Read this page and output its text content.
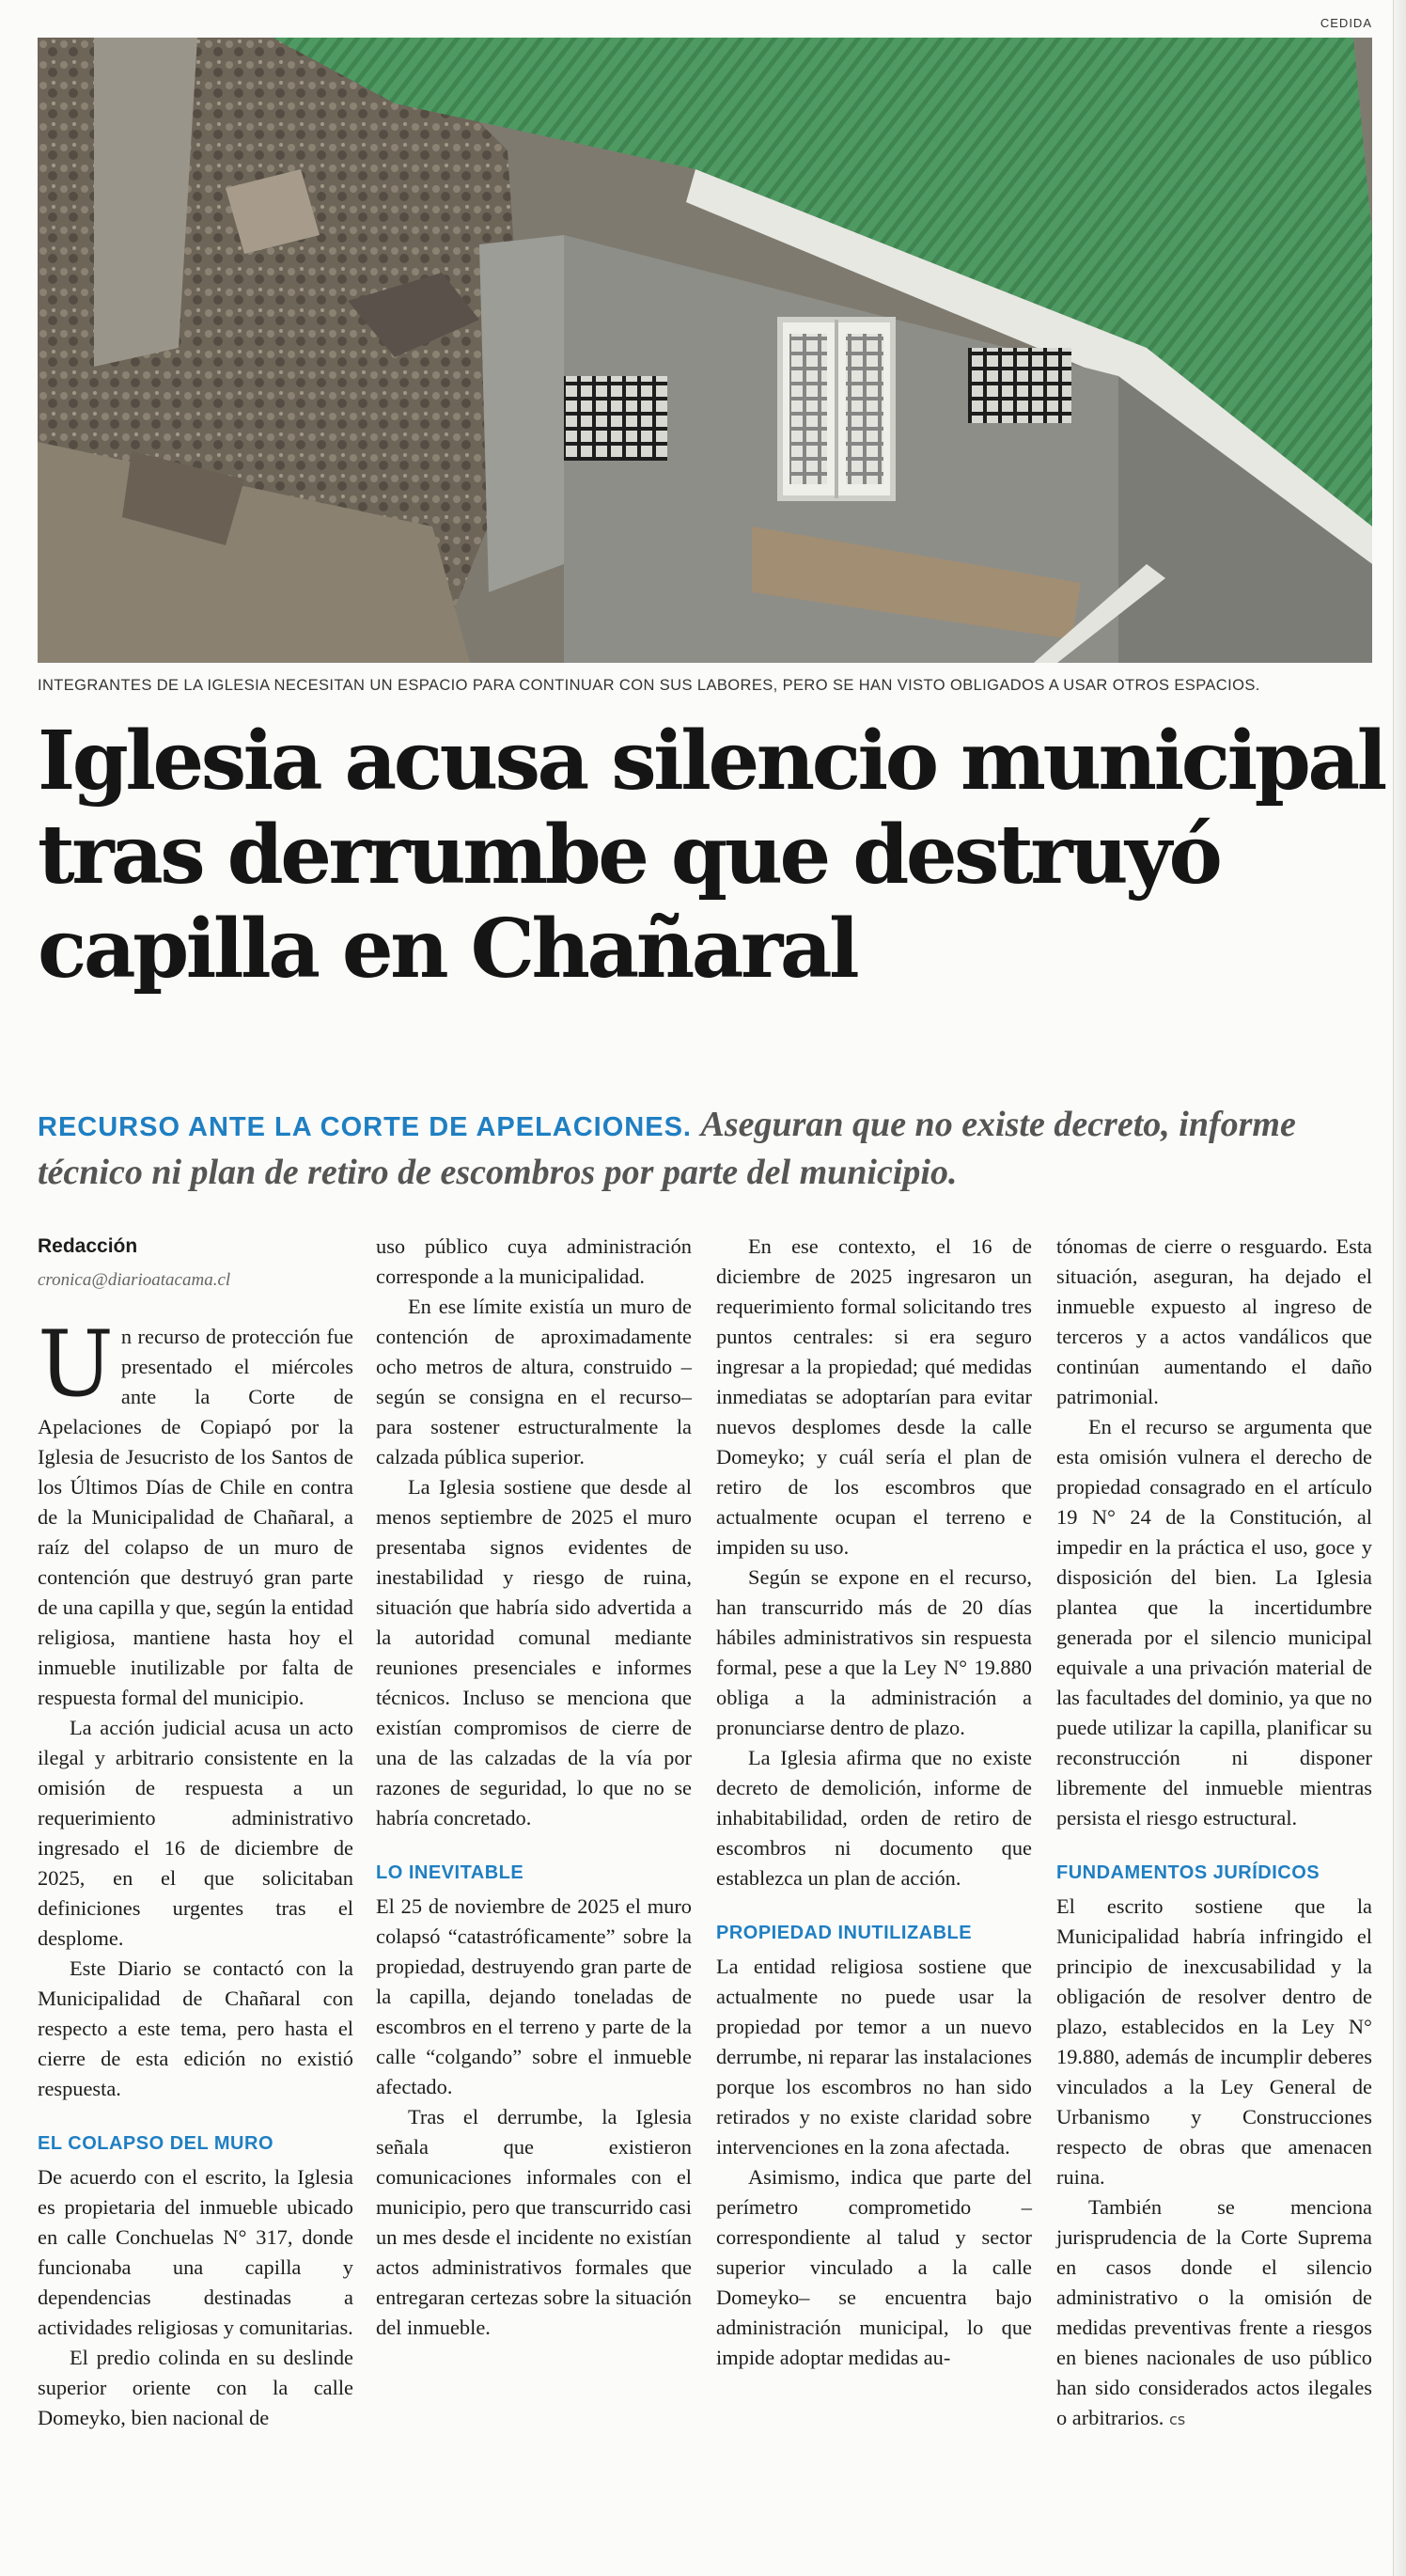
CEDIDA
INTEGRANTES DE LA IGLESIA NECESITAN UN ESPACIO PARA CONTINUAR CON SUS LABORES, PERO SE HAN VISTO OBLIGADOS A USAR OTROS ESPACIOS.
Iglesia acusa silencio municipal
tras derrumbe que destruyó
capilla en Chañaral
RECURSO ANTE LA CORTE DE APELACIONES. Aseguran que no existe decreto, informe técnico ni plan de retiro de escombros por parte del municipio.
Redacción
cronica@diarioatacama.cl

Un recurso de protección fue presentado el miércoles ante la Corte de Apelaciones de Copiapó por la Iglesia de Jesucristo de los Santos de los Últimos Días de Chile en contra de la Municipalidad de Chañaral, a raíz del colapso de un muro de contención que destruyó gran parte de una capilla y que, según la entidad religiosa, mantiene hasta hoy el inmueble inutilizable por falta de respuesta formal del municipio.

La acción judicial acusa un acto ilegal y arbitrario consistente en la omisión de respuesta a un requerimiento administrativo ingresado el 16 de diciembre de 2025, en el que solicitaban definiciones urgentes tras el desplome.

Este Diario se contactó con la Municipalidad de Chañaral con respecto a este tema, pero hasta el cierre de esta edición no existió respuesta.

EL COLAPSO DEL MURO

De acuerdo con el escrito, la Iglesia es propietaria del inmueble ubicado en calle Conchuelas N° 317, donde funcionaba una capilla y dependencias destinadas a actividades religiosas y comunitarias.

El predio colinda en su deslinde superior oriente con la calle Domeyko, bien nacional de

uso público cuya administración corresponde a la municipalidad.

En ese límite existía un muro de contención de aproximadamente ocho metros de altura, construido –según se consigna en el recurso– para sostener estructuralmente la calzada pública superior.

La Iglesia sostiene que desde al menos septiembre de 2025 el muro presentaba signos evidentes de inestabilidad y riesgo de ruina, situación que habría sido advertida a la autoridad comunal mediante reuniones presenciales e informes técnicos. Incluso se menciona que existían compromisos de cierre de una de las calzadas de la vía por razones de seguridad, lo que no se habría concretado.

LO INEVITABLE

El 25 de noviembre de 2025 el muro colapsó “catastróficamente” sobre la propiedad, destruyendo gran parte de la capilla, dejando toneladas de escombros en el terreno y parte de la calle “colgando” sobre el inmueble afectado.

Tras el derrumbe, la Iglesia señala que existieron comunicaciones informales con el municipio, pero que transcurrido casi un mes desde el incidente no existían actos administrativos formales que entregaran certezas sobre la situación del inmueble.

En ese contexto, el 16 de diciembre de 2025 ingresaron un requerimiento formal solicitando tres puntos centrales: si era seguro ingresar a la propiedad; qué medidas inmediatas se adoptarían para evitar nuevos desplomes desde la calle Domeyko; y cuál sería el plan de retiro de los escombros que actualmente ocupan el terreno e impiden su uso.

Según se expone en el recurso, han transcurrido más de 20 días hábiles administrativos sin respuesta formal, pese a que la Ley N° 19.880 obliga a la administración a pronunciarse dentro de plazo.

La Iglesia afirma que no existe decreto de demolición, informe de inhabitabilidad, orden de retiro de escombros ni documento que establezca un plan de acción.

PROPIEDAD INUTILIZABLE

La entidad religiosa sostiene que actualmente no puede usar la propiedad por temor a un nuevo derrumbe, ni reparar las instalaciones porque los escombros no han sido retirados y no existe claridad sobre intervenciones en la zona afectada.

Asimismo, indica que parte del perímetro comprometido –correspondiente al talud y sector superior vinculado a la calle Domeyko– se encuentra bajo administración municipal, lo que impide adoptar medidas au-

tónomas de cierre o resguardo. Esta situación, aseguran, ha dejado el inmueble expuesto al ingreso de terceros y a actos vandálicos que continúan aumentando el daño patrimonial.

En el recurso se argumenta que esta omisión vulnera el derecho de propiedad consagrado en el artículo 19 N° 24 de la Constitución, al impedir en la práctica el uso, goce y disposición del bien. La Iglesia plantea que la incertidumbre generada por el silencio municipal equivale a una privación material de las facultades del dominio, ya que no puede utilizar la capilla, planificar su reconstrucción ni disponer libremente del inmueble mientras persista el riesgo estructural.

FUNDAMENTOS JURÍDICOS

El escrito sostiene que la Municipalidad habría infringido el principio de inexcusabilidad y la obligación de resolver dentro de plazo, establecidos en la Ley N° 19.880, además de incumplir deberes vinculados a la Ley General de Urbanismo y Construcciones respecto de obras que amenacen ruina.

También se menciona jurisprudencia de la Corte Suprema en casos donde el silencio administrativo o la omisión de medidas preventivas frente a riesgos en bienes nacionales de uso público han sido considerados actos ilegales o arbitrarios. cs
